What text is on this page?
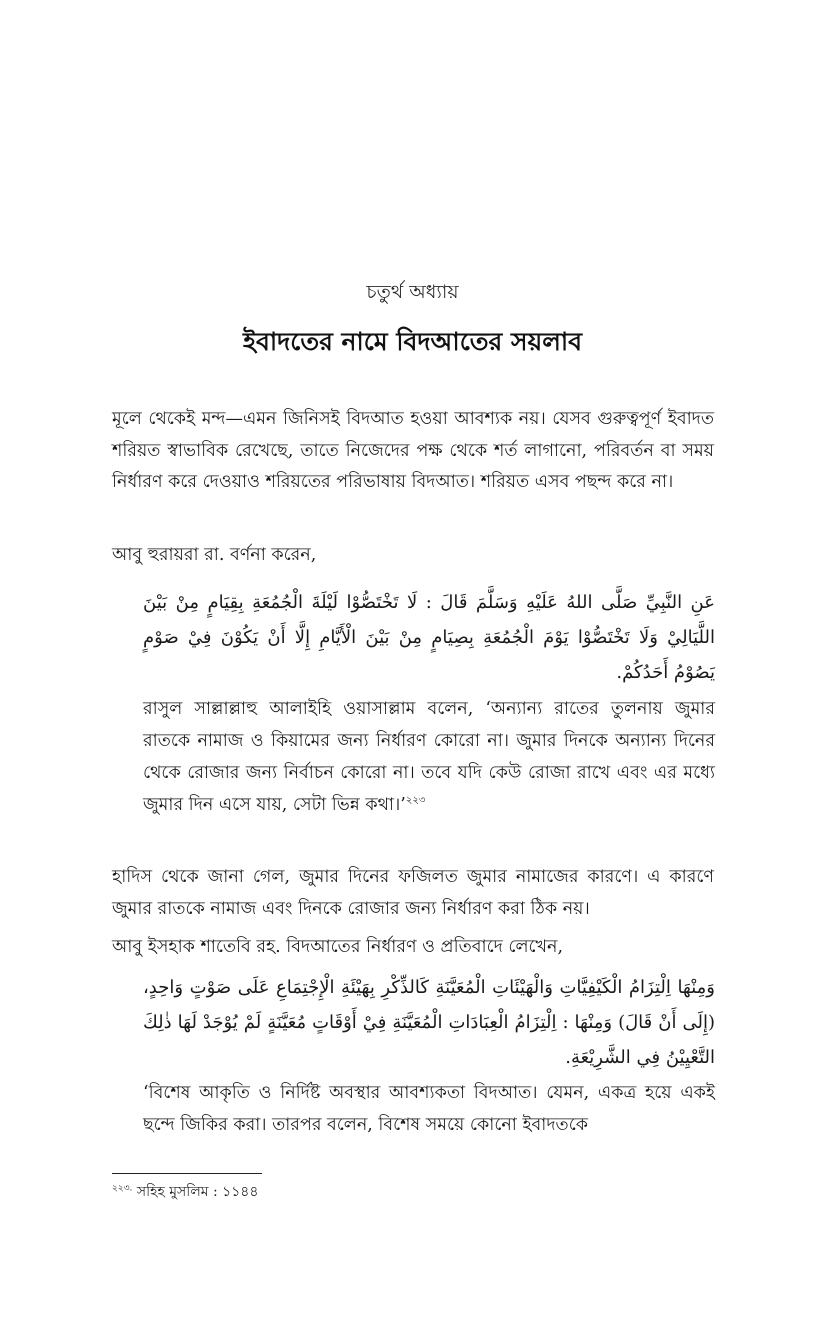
চতুর্থ অধ্যায়
ইবাদতের নামে বিদআতের সয়লাব

মূলে থেকেই মন্দ—এমন জিনিসই বিদআত হওয়া আবশ্যক নয়। যেসব গুরুত্বপূর্ণ ইবাদত শরিয়ত স্বাভাবিক রেখেছে, তাতে নিজেদের পক্ষ থেকে শর্ত লাগানো, পরিবর্তন বা সময় নির্ধারণ করে দেওয়াও শরিয়তের পরিভাষায় বিদআত। শরিয়ত এসব পছন্দ করে না।

আবু হুরায়রা রা. বর্ণনা করেন,

عَنِ النَّبِيِّ صَلَّى اللهُ عَلَيْهِ وَسَلَّمَ قَالَ : لَا تَخْتَصُّوْا لَيْلَةَ الْجُمُعَةِ بِقِيَامٍ مِنْ بَيْنَ اللَّيَالِيْ وَلَا تَخْتَصُّوْا يَوْمَ الْجُمُعَةِ بِصِيَامٍ مِنْ بَيْنَ الْأَيَّامِ إِلَّا أَنْ يَكُوْنَ فِيْ صَوْمٍ يَصُوْمُ أَحَدُكُمْ.

রাসুল সাল্লাল্লাহু আলাইহি ওয়াসাল্লাম বলেন, ‘অন্যান্য রাতের তুলনায় জুমার রাতকে নামাজ ও কিয়ামের জন্য নির্ধারণ কোরো না। জুমার দিনকে অন্যান্য দিনের থেকে রোজার জন্য নির্বাচন কোরো না। তবে যদি কেউ রোজা রাখে এবং এর মধ্যে জুমার দিন এসে যায়, সেটা ভিন্ন কথা।’$^{২২৩}$

হাদিস থেকে জানা গেল, জুমার দিনের ফজিলত জুমার নামাজের কারণে। এ কারণে জুমার রাতকে নামাজ এবং দিনকে রোজার জন্য নির্ধারণ করা ঠিক নয়।

আবু ইসহাক শাতেবি রহ. বিদআতের নির্ধারণ ও প্রতিবাদে লেখেন,

وَمِنْهَا اِلْتِزَامُ الْكَيْفِيَّاتِ وَالْهَيْئَاتِ الْمُعَيَّنَةِ كَالذِّكْرِ بِهَيْئَةِ الْإِجْتِمَاعِ عَلَى صَوْتٍ وَاحِدٍ، (إِلَى أَنْ قَالَ) وَمِنْهَا : اِلْتِزَامُ الْعِبَادَاتِ الْمُعَيَّنَةِ فِيْ أَوْقَاتٍ مُعَيَّنَةٍ لَمْ يُوْجَدْ لَهَا ذٰلِكَ التَّعْيِيْنُ فِي الشَّرِيْعَةِ.

‘বিশেষ আকৃতি ও নির্দিষ্ট অবস্থার আবশ্যকতা বিদআত। যেমন, একত্র হয়ে একই ছন্দে জিকির করা। তারপর বলেন, বিশেষ সময়ে কোনো ইবাদতকে

$^{২২৩.}$ সহিহ মুসলিম : ১১৪৪
